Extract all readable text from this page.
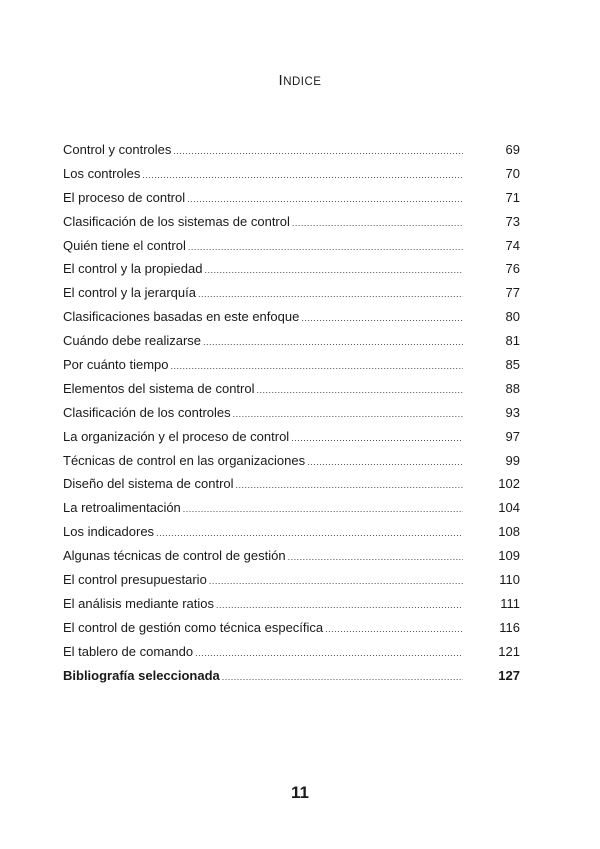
INDICE
Control y controles .....	69
Los controles .....	70
El proceso de control .....	71
Clasificación de los sistemas de control .....	73
Quién tiene el control .....	74
El control y la propiedad .....	76
El control y la jerarquía .....	77
Clasificaciones basadas en este enfoque .....	80
Cuándo debe realizarse .....	81
Por cuánto tiempo .....	85
Elementos del sistema de control .....	88
Clasificación de los controles .....	93
La organización y el proceso de control .....	97
Técnicas de control en las organizaciones .....	99
Diseño del sistema de control .....	102
La retroalimentación .....	104
Los indicadores .....	108
Algunas técnicas de control de gestión .....	109
El control presupuestario .....	110
El análisis mediante ratios .....	111
El control de gestión como técnica específica .....	116
El tablero de comando .....	121
Bibliografía seleccionada .....	127
11
